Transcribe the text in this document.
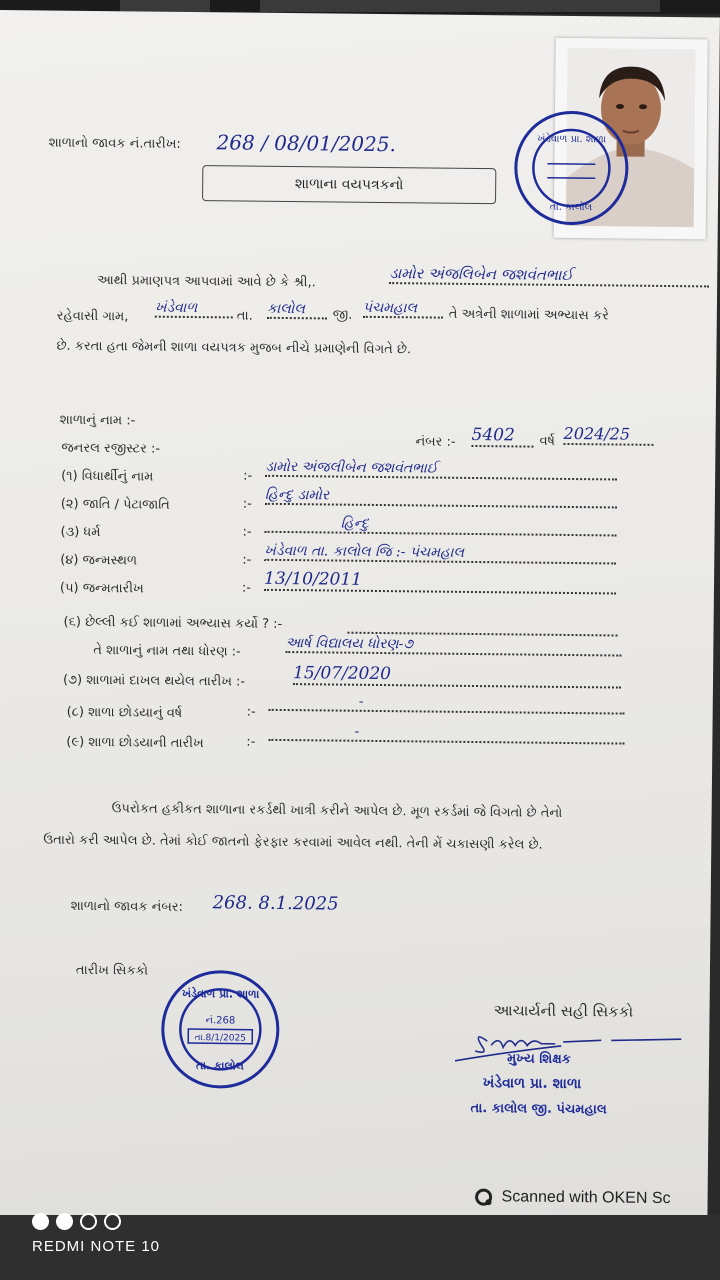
શાળાનો જાવક નં.તારીખ: 268 / 08/01/2025.
શાળાના વયપત્રકનો
ખંડેવાળ પ્રા. શાળા
તા. કાલોલ
આથી પ્રમાણપત્ર આપવામાં આવે છે કે શ્રી,.	ડામોર અંજલિબેન જશવંતભાઈ
રહેવાસી ગામ,
ખંડેવાળ	તા. કાલોલ	જી. પંચમહાલ	તે અત્રેની શાળામાં અભ્યાસ કરે
છે. કરતા હતા જેમની શાળા વયપત્રક મુજબ નીચે પ્રમાણેની વિગતે છે.
શાળાનું નામ :-
જનરલ રજીસ્ટર :-	નંબર :- 5402	વર્ષ 2024/25
(૧) વિધાર્થીનું નામ	:- ડામોર અંજલીબેન જશવંતભાઈ
(૨) જાતિ / પેટાજાતિ	:-
હિન્દુ ડામોર
(૩) ધર્મ	:-
હિન્દુ
(૪) જન્મસ્થળ	:- ખંડેવાળ તા. કાલોલ જિ :- પંચમહાલ
(૫) જન્મતારીખ	:- 13/10/2011
(૬) છેલ્લી કઈ શાળામાં અભ્યાસ કર્યો ? :-
તે શાળાનું નામ તથા ધોરણ :-	આર્ષ વિદ્યાલય ધોરણ-૭
(૭) શાળામાં દાખલ થયેલ તારીખ :-	15/07/2020
(૮) શાળા છોડયાનું વર્ષ	:-
-
(૯) શાળા છોડયાની તારીખ	:-
-
ઉપરોકત હકીકત શાળાના રકર્ડથી ખાત્રી કરીને આપેલ છે. મૂળ રકર્ડમાં જે વિગતો છે તેનો
ઉતારો કરી આપેલ છે. તેમાં કોઈ જાતનો ફેરફાર કરવામાં આવેલ નથી. તેની મેં ચકાસણી કરેલ છે.
શાળાનો જાવક નંબર: 268. 8.1.2025
તારીખ સિકકો
ખંડેવાળ પ્રા. શાળા
નં.268
તા.8/1/2025
તા. કાલોલ
આચાર્યની સહી સિકકો
મુખ્ય શિક્ષક
ખંડેવાળ પ્રા. શાળા
તા. કાલોલ જી. પંચમહાલ
Scanned with OKEN Sc
REDMI NOTE 10
